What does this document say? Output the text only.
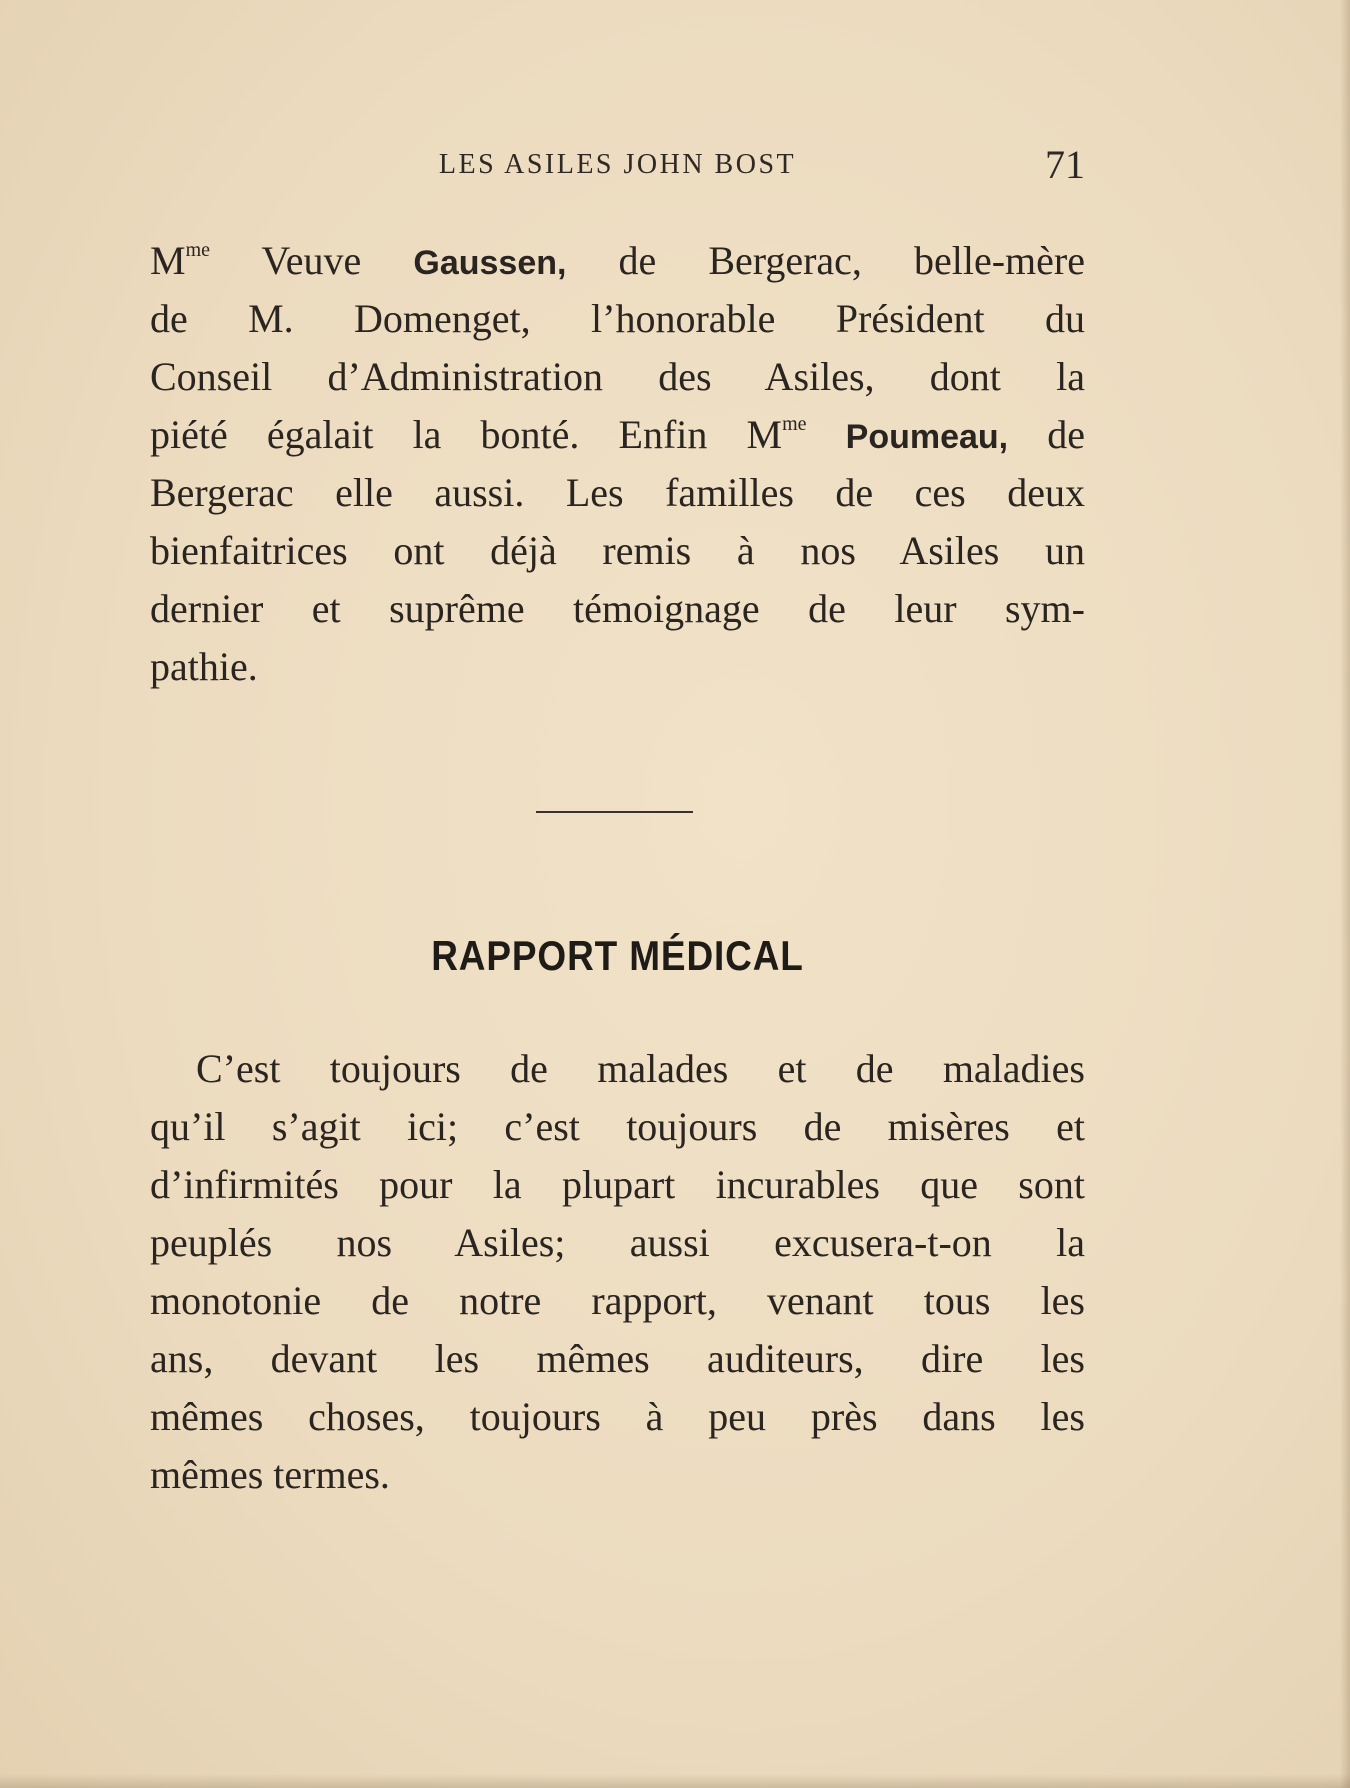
LES ASILES JOHN BOST	71
$M^{me}$ Veuve Gaussen, de Bergerac, belle-mère
de M. Domenget, l’honorable Président du
Conseil d’Administration des Asiles, dont la
piété égalait la bonté. Enfin $M^{me}$ Poumeau, de
Bergerac elle aussi. Les familles de ces deux
bienfaitrices ont déjà remis à nos Asiles un
dernier et suprême témoignage de leur sym-
pathie.
RAPPORT MÉDICAL
C’est toujours de malades et de maladies
qu’il s’agit ici; c’est toujours de misères et
d’infirmités pour la plupart incurables que sont
peuplés nos Asiles; aussi excusera-t-on la
monotonie de notre rapport, venant tous les
ans, devant les mêmes auditeurs, dire les
mêmes choses, toujours à peu près dans les
mêmes termes.
